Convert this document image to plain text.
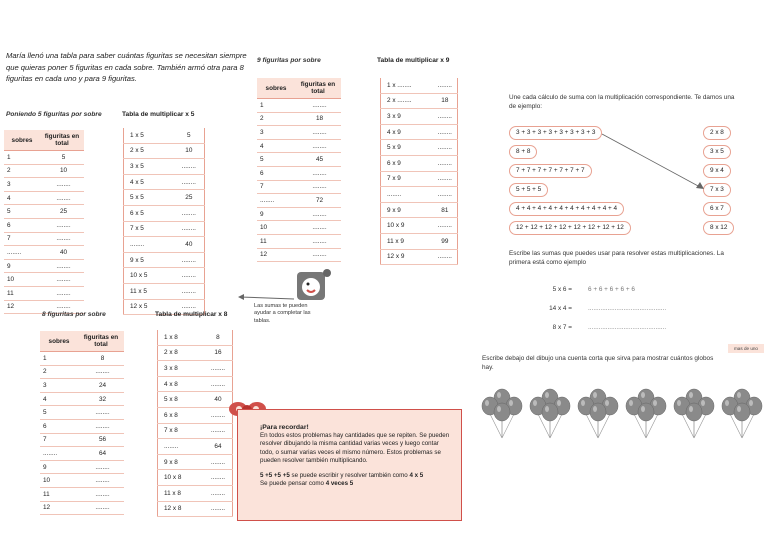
María llenó una tabla para saber cuántas figuritas se necesitan siempre que quieras poner 5 figuritas en cada sobre. También armó otra para 8 figuritas en cada uno y para 9 figuritas.
Poniendo 5 figuritas por sobre
sobres	figuritas en total
1	5
2	10
3	........
4	........
5	25
6	........
7	........
........	40
9	........
10	........
11	........
12	........
Tabla de multiplicar x 5
1 x 5	5
2 x 5	10
3 x 5	........
4 x 5	........
5 x 5	25
6 x 5	........
7 x 5	........
........	40
9 x 5	........
10 x 5	........
11 x 5	........
12 x 5	........
9 figuritas por sobre
sobres	figuritas en total
1	........
2	18
3	........
4	........
5	45
6	........
7	........
........	72
9	........
10	........
11	........
12	........
Tabla de multiplicar x 9
1 x ........	........
2 x ........	18
3 x 9	........
4 x 9	........
5 x 9	........
6 x 9	........
7 x 9	........
........	........
9 x 9	81
10 x 9	........
11 x 9	99
12 x 9	........
8 figuritas por sobre
sobres	figuritas en total
1	8
2	........
3	24
4	32
5	........
6	........
7	56
........	64
9	........
10	........
11	........
12	........
Tabla de multiplicar x 8
1 x 8	8
2 x 8	16
3 x 8	........
4 x 8	........
5 x 8	40
6 x 8	........
7 x 8	........
........	64
9 x 8	........
10 x 8	........
11 x 8	........
12 x 8	........
Las sumas te pueden ayudar a completar las tablas.
¡Para recordar!
En todos estos problemas hay cantidades que se repiten. Se pueden resolver dibujando la misma cantidad varias veces y luego contar todo, o sumar varias veces el mismo número. Estos problemas se pueden resolver también multiplicando.
5 +5 +5 +5 se puede escribir y resolver también como 4 x 5
Se puede pensar como 4 veces 5
Une cada cálculo de suma con la multiplicación correspondiente. Te damos una de ejemplo:
3 + 3 + 3 + 3 + 3 + 3 + 3 + 3
8 + 8
7 + 7 + 7 + 7 + 7 + 7 + 7
5 + 5 + 5
4 + 4 + 4 + 4 + 4 + 4 + 4 + 4 + 4 + 4
12 + 12 + 12 + 12 + 12 + 12 + 12 + 12
2 x 8
3 x 5
9 x 4
7 x 3
6 x 7
8 x 12
Escribe las sumas que puedes usar para resolver estas multiplicaciones. La primera está como ejemplo
5 x 6 =	6 + 6 + 6 + 6 + 6
14 x 4 =	............................................
8 x 7 =	............................................
mas de uno
Escribe debajo del dibujo una cuenta corta que sirva para mostrar cuántos globos hay.
